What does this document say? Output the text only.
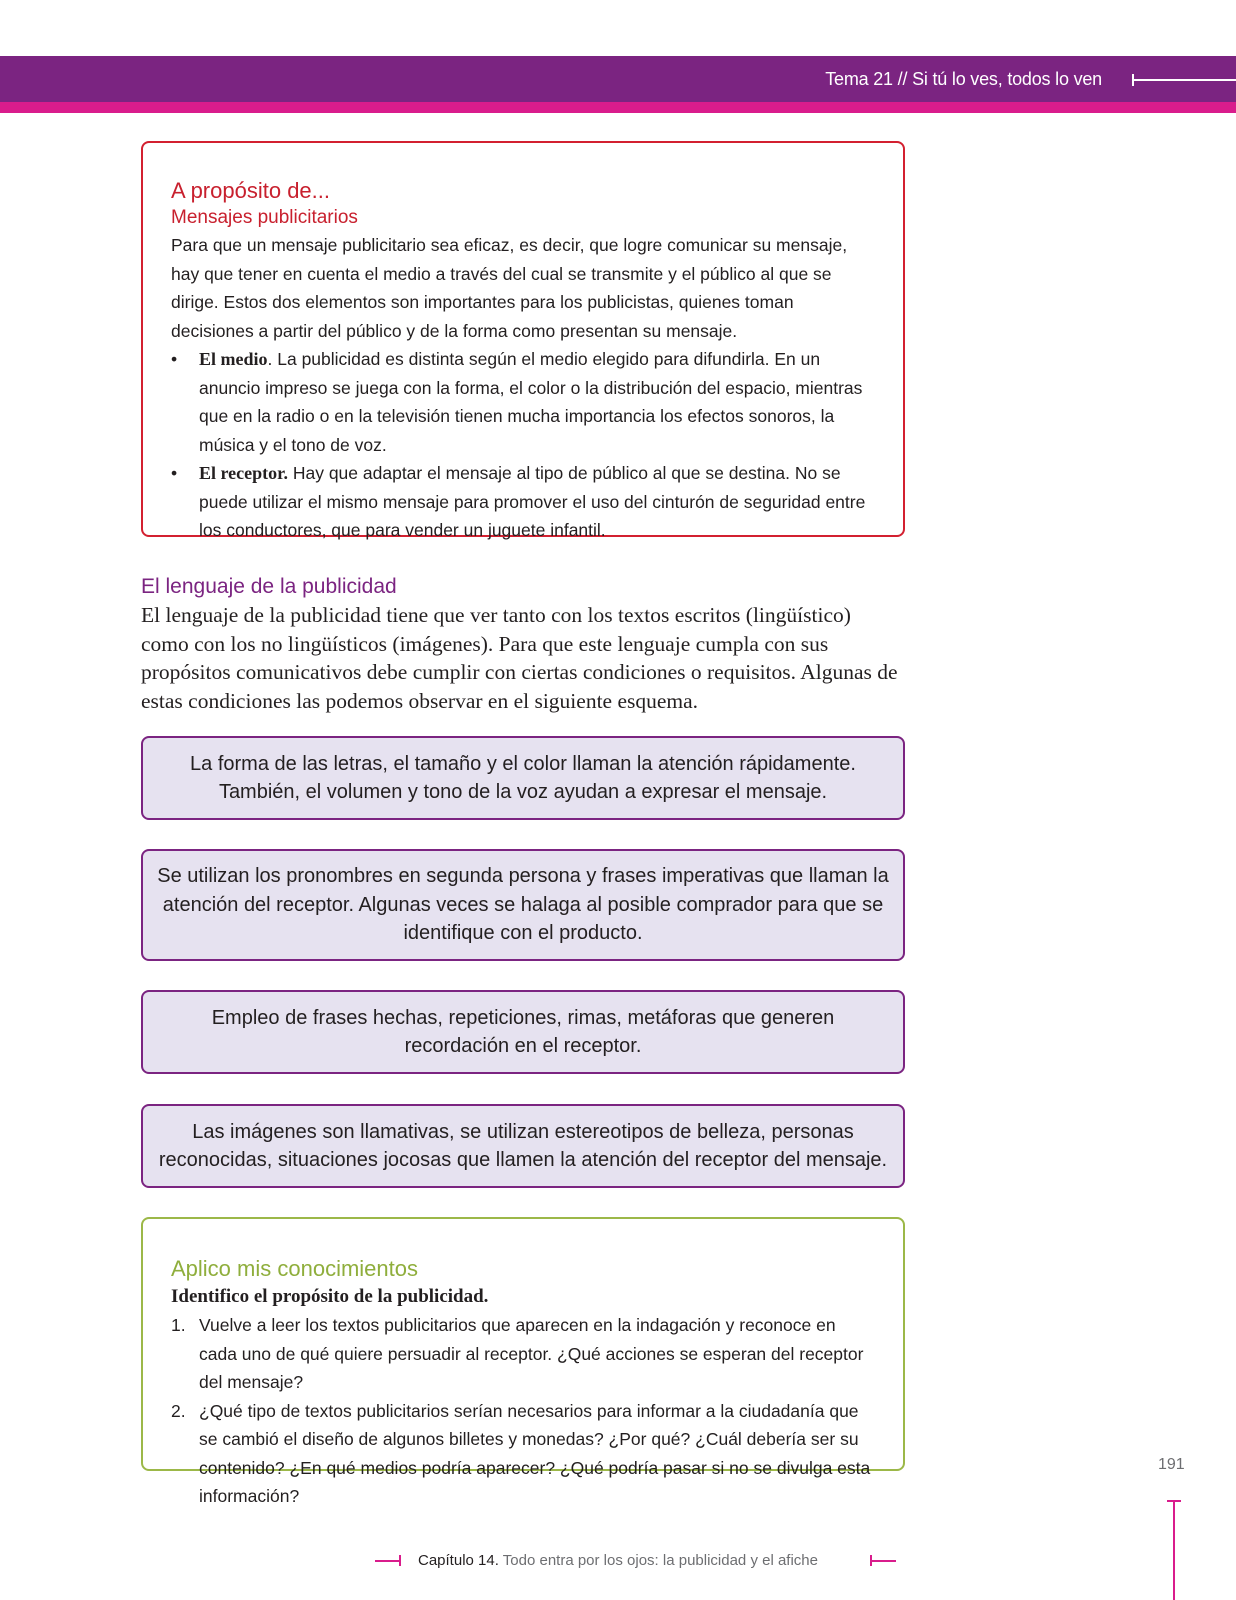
Tema 21 // Si tú lo ves, todos lo ven
A propósito de...
Mensajes publicitarios

Para que un mensaje publicitario sea eficaz, es decir, que logre comunicar su mensaje, hay que tener en cuenta el medio a través del cual se transmite y el público al que se dirige. Estos dos elementos son importantes para los publicistas, quienes toman decisiones a partir del público y de la forma como presentan su mensaje.

• El medio. La publicidad es distinta según el medio elegido para difundirla. En un anuncio impreso se juega con la forma, el color o la distribución del espacio, mientras que en la radio o en la televisión tienen mucha importancia los efectos sonoros, la música y el tono de voz.
• El receptor. Hay que adaptar el mensaje al tipo de público al que se destina. No se puede utilizar el mismo mensaje para promover el uso del cinturón de seguridad entre los conductores, que para vender un juguete infantil.
El lenguaje de la publicidad

El lenguaje de la publicidad tiene que ver tanto con los textos escritos (lingüístico) como con los no lingüísticos (imágenes). Para que este lenguaje cumpla con sus propósitos comunicativos debe cumplir con ciertas condiciones o requisitos. Algunas de estas condiciones las podemos observar en el siguiente esquema.

La forma de las letras, el tamaño y el color llaman la atención rápidamente. También, el volumen y tono de la voz ayudan a expresar el mensaje.
Se utilizan los pronombres en segunda persona y frases imperativas que llaman la atención del receptor. Algunas veces se halaga al posible comprador para que se identifique con el producto.
Empleo de frases hechas, repeticiones, rimas, metáforas que generen recordación en el receptor.
Las imágenes son llamativas, se utilizan estereotipos de belleza, personas reconocidas, situaciones jocosas que llamen la atención del receptor del mensaje.
Aplico mis conocimientos
Identifico el propósito de la publicidad.
1. Vuelve a leer los textos publicitarios que aparecen en la indagación y reconoce en cada uno de qué quiere persuadir al receptor. ¿Qué acciones se esperan del receptor del mensaje?
2. ¿Qué tipo de textos publicitarios serían necesarios para informar a la ciudadanía que se cambió el diseño de algunos billetes y monedas? ¿Por qué? ¿Cuál debería ser su contenido? ¿En qué medios podría aparecer? ¿Qué podría pasar si no se divulga esta información?
191
Capítulo 14. Todo entra por los ojos: la publicidad y el afiche
